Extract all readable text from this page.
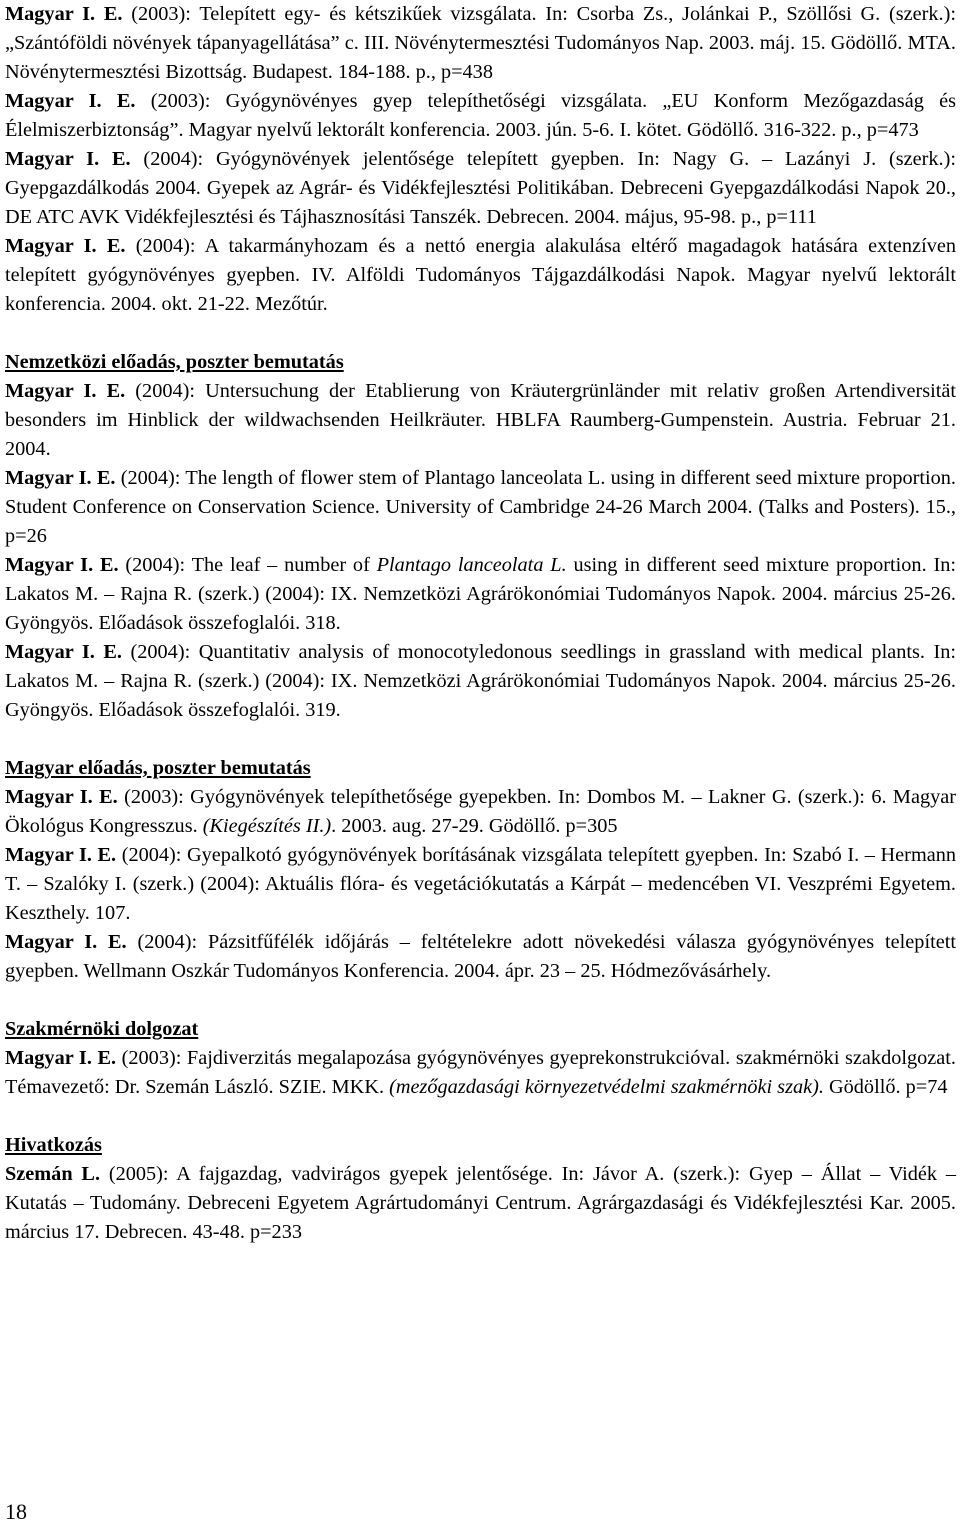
Magyar I. E. (2003): Telepített egy- és kétszikűek vizsgálata. In: Csorba Zs., Jolánkai P., Szöllősi G. (szerk.): „Szántóföldi növények tápanyagellátása” c. III. Növénytermesztési Tudományos Nap. 2003. máj. 15. Gödöllő. MTA. Növénytermesztési Bizottság. Budapest. 184-188. p., p=438

Magyar I. E. (2003): Gyógynövényes gyep telepíthetőségi vizsgálata. „EU Konform Mezőgazdaság és Élelmiszerbiztonság”. Magyar nyelvű lektorált konferencia. 2003. jún. 5-6. I. kötet. Gödöllő. 316-322. p., p=473

Magyar I. E. (2004): Gyógynövények jelentősége telepített gyepben. In: Nagy G. – Lazányi J. (szerk.): Gyepgazdálkodás 2004. Gyepek az Agrár- és Vidékfejlesztési Politikában. Debreceni Gyepgazdálkodási Napok 20., DE ATC AVK Vidékfejlesztési és Tájhasznosítási Tanszék. Debrecen. 2004. május, 95-98. p., p=111

Magyar I. E. (2004): A takarmányhozam és a nettó energia alakulása eltérő magadagok hatására extenzíven telepített gyógynövényes gyepben. IV. Alföldi Tudományos Tájgazdálkodási Napok. Magyar nyelvű lektorált konferencia. 2004. okt. 21-22. Mezőtúr.

Nemzetközi előadás, poszter bemutatás

Magyar I. E. (2004): Untersuchung der Etablierung von Kräutergrünländer mit relativ großen Artendiversität besonders im Hinblick der wildwachsenden Heilkräuter. HBLFA Raumberg-Gumpenstein. Austria. Februar 21. 2004.

Magyar I. E. (2004): The length of flower stem of Plantago lanceolata L. using in different seed mixture proportion. Student Conference on Conservation Science. University of Cambridge 24-26 March 2004. (Talks and Posters). 15., p=26

Magyar I. E. (2004): The leaf – number of Plantago lanceolata L. using in different seed mixture proportion. In: Lakatos M. – Rajna R. (szerk.) (2004): IX. Nemzetközi Agrárökonómiai Tudományos Napok. 2004. március 25-26. Gyöngyös. Előadások összefoglalói. 318.

Magyar I. E. (2004): Quantitativ analysis of monocotyledonous seedlings in grassland with medical plants. In: Lakatos M. – Rajna R. (szerk.) (2004): IX. Nemzetközi Agrárökonómiai Tudományos Napok. 2004. március 25-26. Gyöngyös. Előadások összefoglalói. 319.

Magyar előadás, poszter bemutatás

Magyar I. E. (2003): Gyógynövények telepíthetősége gyepekben. In: Dombos M. – Lakner G. (szerk.): 6. Magyar Ökológus Kongresszus. (Kiegészítés II.). 2003. aug. 27-29. Gödöllő. p=305

Magyar I. E. (2004): Gyepalkotó gyógynövények borításának vizsgálata telepített gyepben. In: Szabó I. – Hermann T. – Szalóky I. (szerk.) (2004): Aktuális flóra- és vegetációkutatás a Kárpát – medencében VI. Veszprémi Egyetem. Keszthely. 107.

Magyar I. E. (2004): Pázsitfűfélék időjárás – feltételekre adott növekedési válasza gyógynövényes telepített gyepben. Wellmann Oszkár Tudományos Konferencia. 2004. ápr. 23 – 25. Hódmezővásárhely.

Szakmérnöki dolgozat

Magyar I. E. (2003): Fajdiverzitás megalapozása gyógynövényes gyeprekonstrukcióval. szakmérnöki szakdolgozat. Témavezető: Dr. Szemán László. SZIE. MKK. (mezőgazdasági környezetvédelmi szakmérnöki szak). Gödöllő. p=74

Hivatkozás

Szemán L. (2005): A fajgazdag, vadvirágos gyepek jelentősége. In: Jávor A. (szerk.): Gyep – Állat – Vidék – Kutatás – Tudomány. Debreceni Egyetem Agrártudományi Centrum. Agrárgazdasági és Vidékfejlesztési Kar. 2005. március 17. Debrecen. 43-48. p=233

18
